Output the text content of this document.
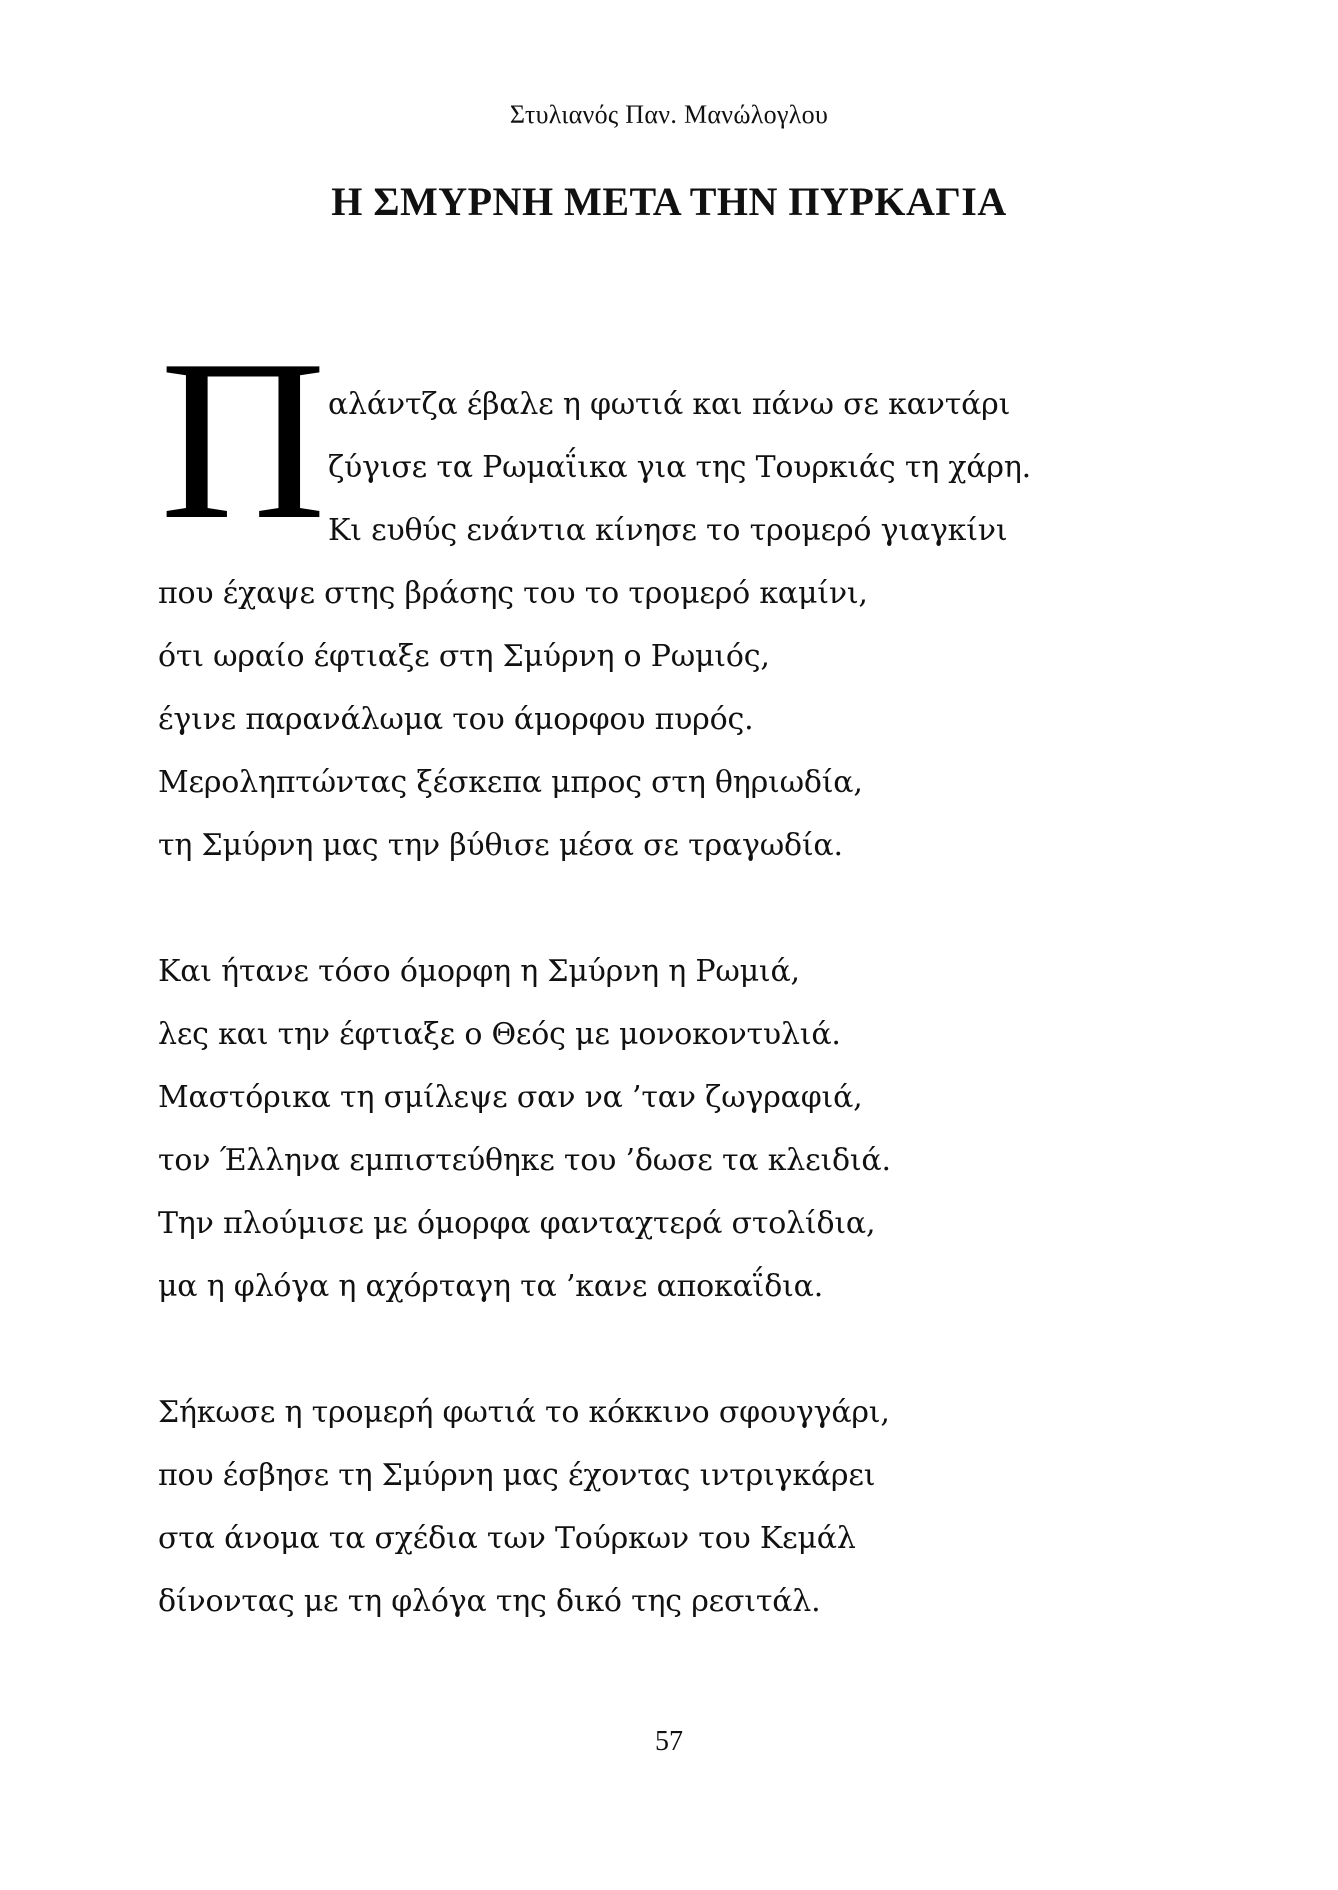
Στυλιανός Παν. Μανώλογλου
Η ΣΜΥΡΝΗ ΜΕΤΑ ΤΗΝ ΠΥΡΚΑΓΙΑ
Π αλάντζα έβαλε η φωτιά και πάνω σε καντάρι
ζύγισε τα Ρωμαΐικα για της Τουρκιάς τη χάρη.
Κι ευθύς ενάντια κίνησε το τρομερό γιαγκίνι
που έχαψε στης βράσης του το τρομερό καμίνι,
ότι ωραίο έφτιαξε στη Σμύρνη ο Ρωμιός,
έγινε παρανάλωμα του άμορφου πυρός.
Μεροληπτώντας ξέσκεπα μπρος στη θηριωδία,
τη Σμύρνη μας την βύθισε μέσα σε τραγωδία.
Και ήτανε τόσο όμορφη η Σμύρνη η Ρωμιά,
λες και την έφτιαξε ο Θεός με μονοκοντυλιά.
Μαστόρικα τη σμίλεψε σαν να ’ταν ζωγραφιά,
τον Έλληνα εμπιστεύθηκε του ’δωσε τα κλειδιά.
Την πλούμισε με όμορφα φανταχτερά στολίδια,
μα η φλόγα η αχόρταγη τα ’κανε αποκαΐδια.
Σήκωσε η τρομερή φωτιά το κόκκινο σφουγγάρι,
που έσβησε τη Σμύρνη μας έχοντας ιντριγκάρει
στα άνομα τα σχέδια των Τούρκων του Κεμάλ
δίνοντας με τη φλόγα της δικό της ρεσιτάλ.
57
